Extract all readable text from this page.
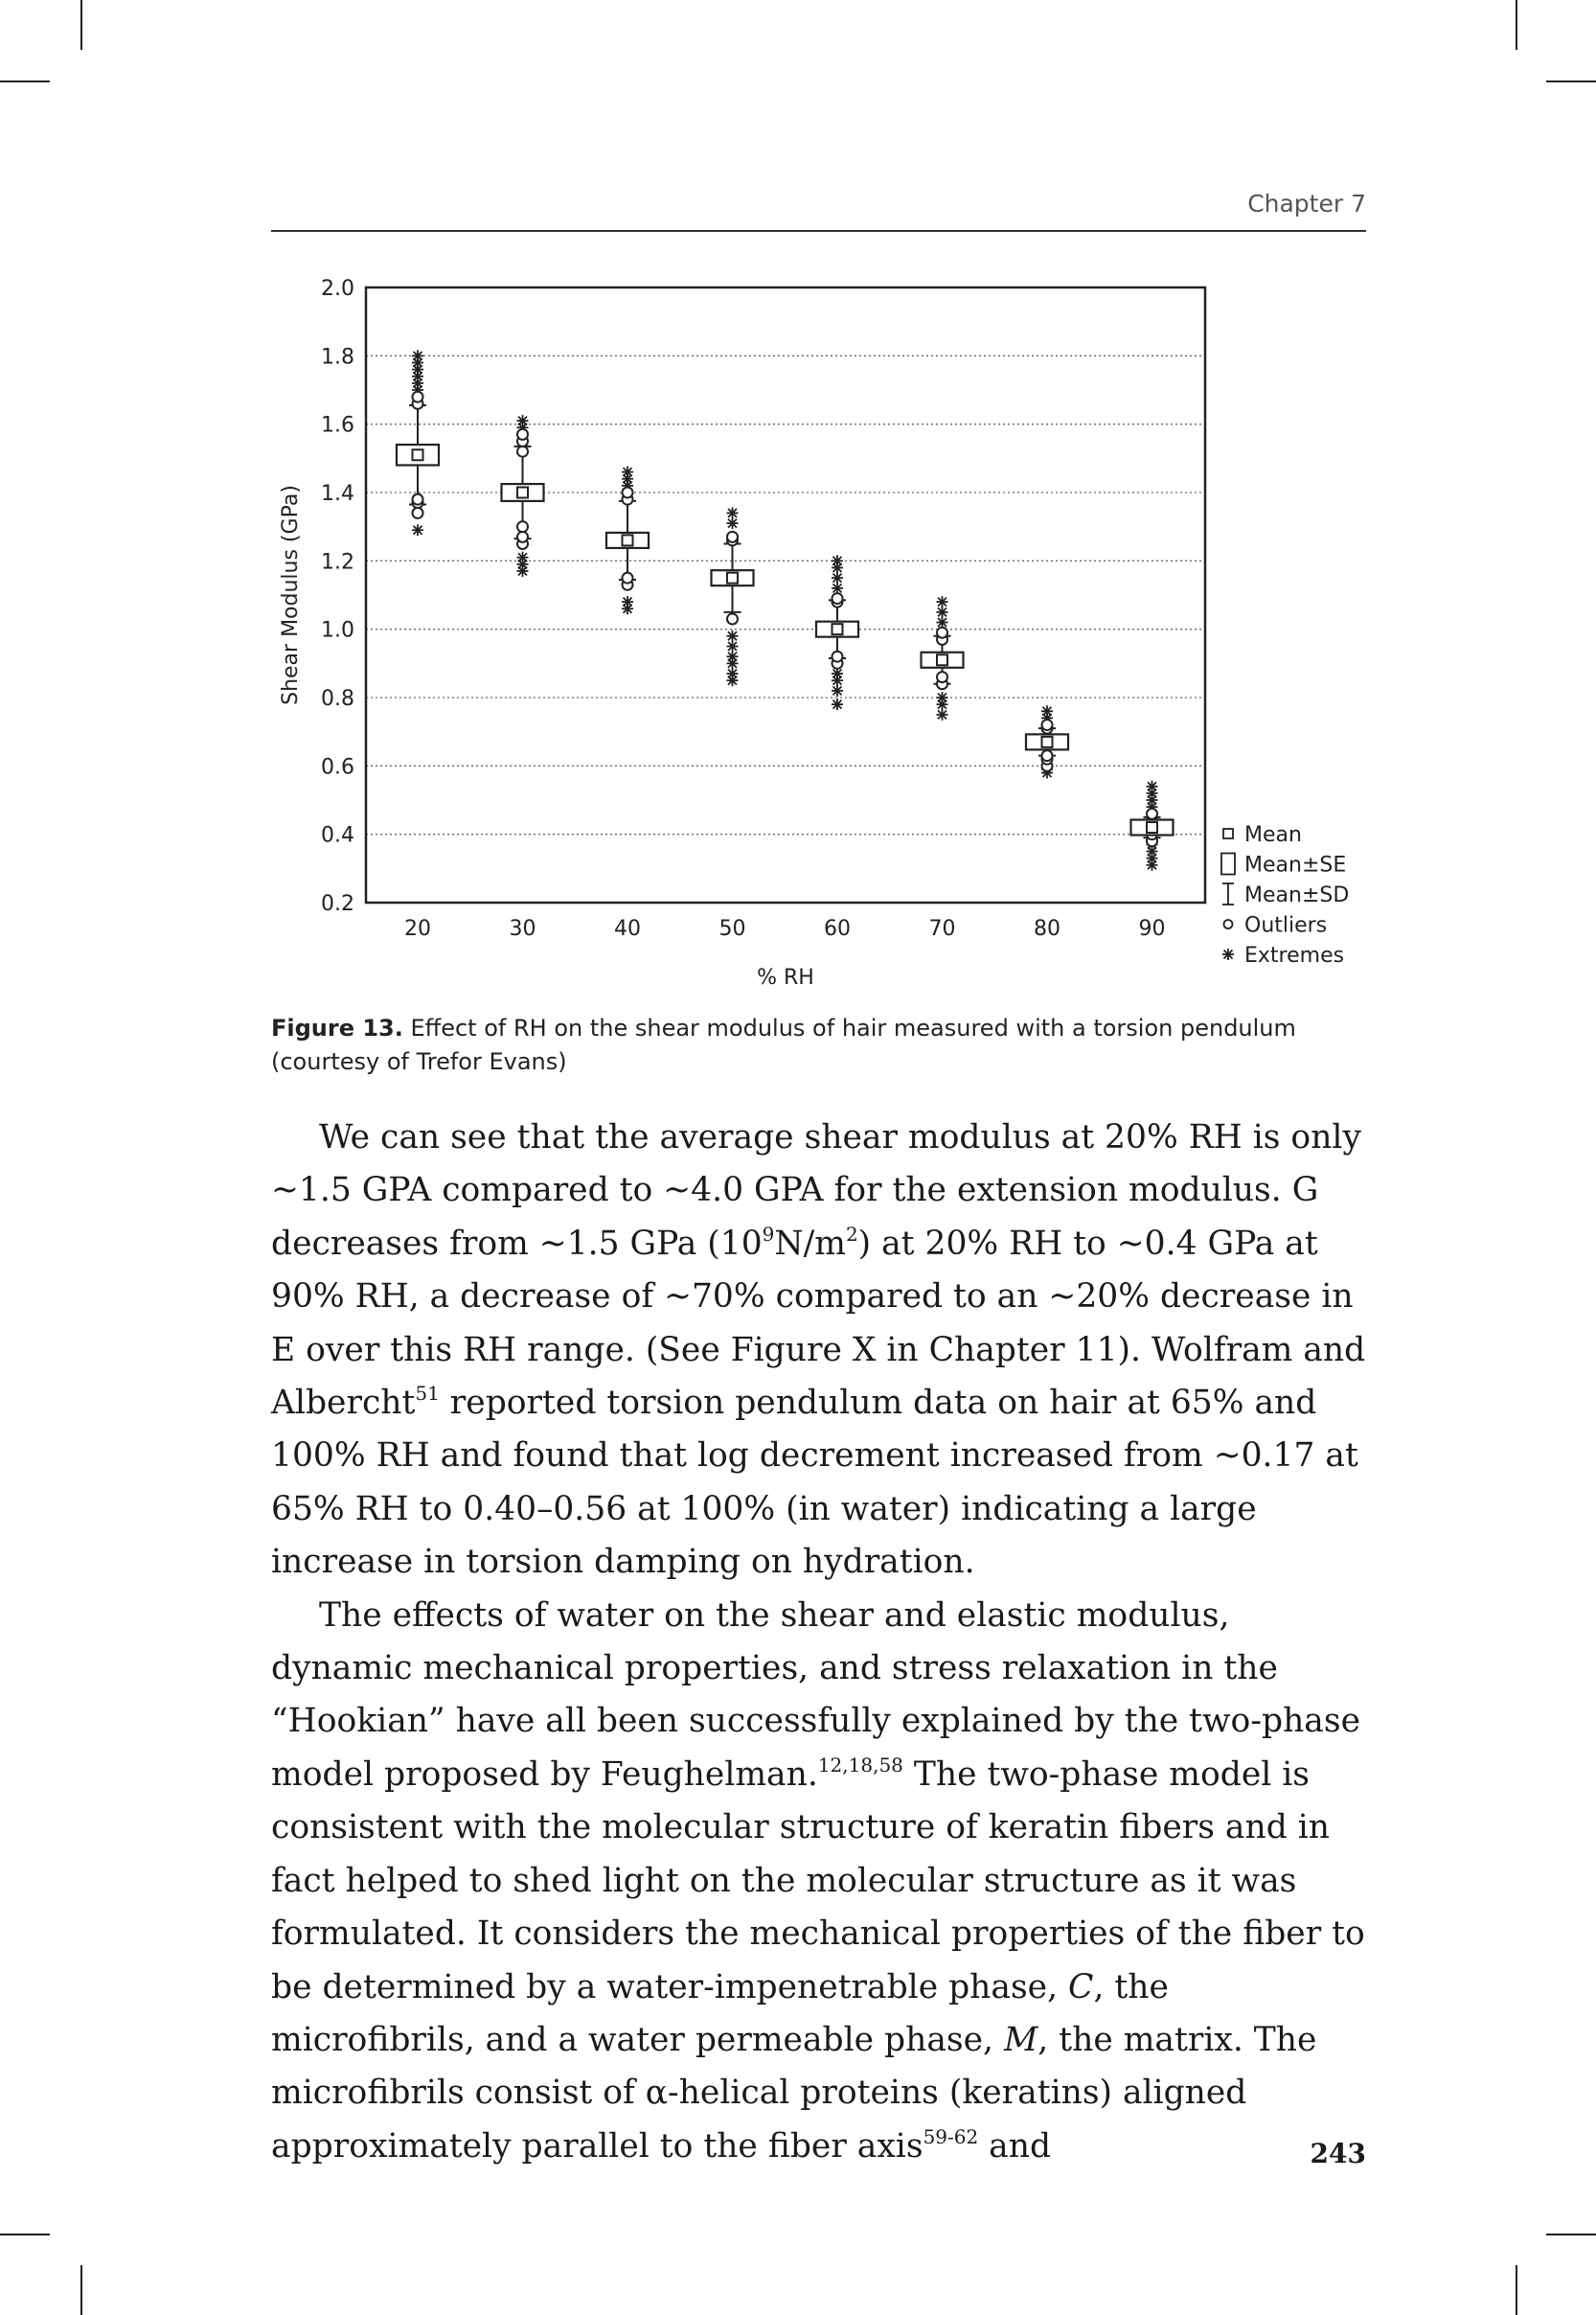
Chapter 7
0.2
0.4
0.6
0.8
1.0
1.2
1.4
1.6
1.8
2.0
20	30	40	50	60	70	80	90
% RH
Shear Modulus (GPa)
Mean
Mean±SE
Mean±SD
Outliers
Extremes
Figure 13. Effect of RH on the shear modulus of hair measured with a torsion pendulum (courtesy of Trefor Evans)

We can see that the average shear modulus at 20% RH is only ~1.5 GPA compared to ~4.0 GPA for the extension modulus. G decreases from ~1.5 GPa $(10^9N/m^2)$ at 20% RH to ~0.4 GPa at 90% RH, a decrease of ~70% compared to an ~20% decrease in E over this RH range. (See Figure X in Chapter 11). Wolfram and Albercht$^{51}$ reported torsion pendulum data on hair at 65% and 100% RH and found that log decrement increased from ~0.17 at 65% RH to 0.40–0.56 at 100% (in water) indicating a large increase in torsion damping on hydration.

The effects of water on the shear and elastic modulus, dynamic mechanical properties, and stress relaxation in the “Hookian” have all been successfully explained by the two-phase model proposed by Feughelman.$^{12,18,58}$ The two-phase model is consistent with the molecular structure of keratin fibers and in fact helped to shed light on the molecular structure as it was formulated. It considers the mechanical properties of the fiber to be determined by a water-impenetrable phase, C, the microfibrils, and a water permeable phase, M, the matrix. The microfibrils consist of α-helical proteins (keratins) aligned approximately parallel to the fiber axis$^{59-62}$ and	243
